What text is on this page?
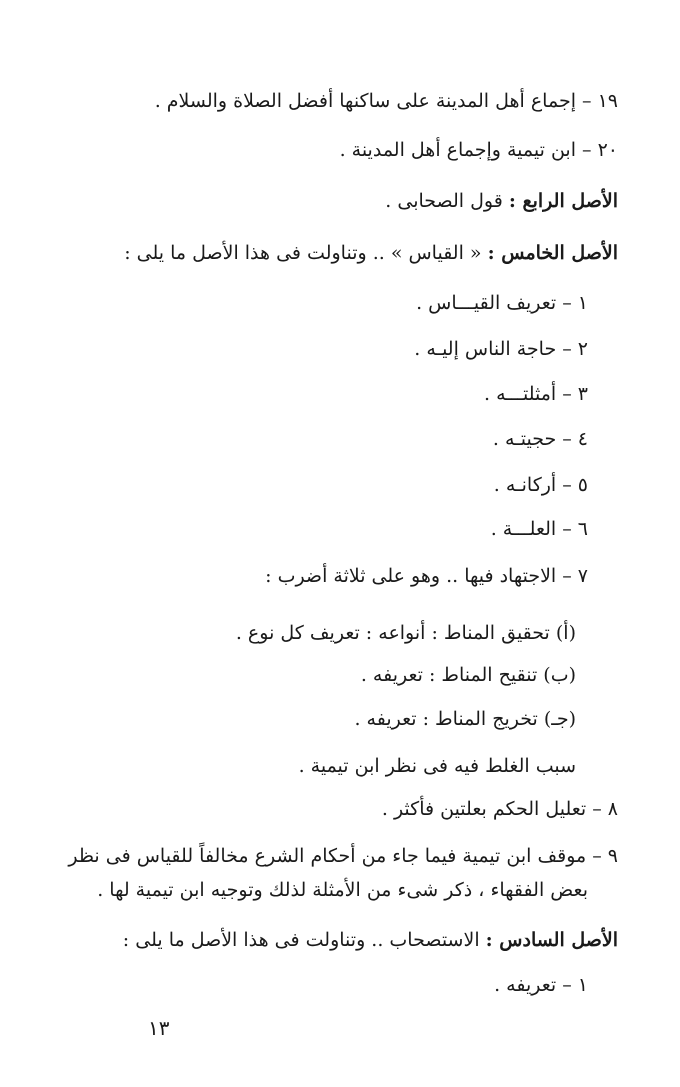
١٩ – إجماع أهل المدينة على ساكنها أفضل الصلاة والسلام .
٢٠ – ابن تيمية وإجماع أهل المدينة .
الأصل الرابع : قول الصحابى .
الأصل الخامس : « القياس » .. وتناولت فى هذا الأصل ما يلى :
١ – تعريف القيـــاس .
٢ – حاجة الناس إليـه .
٣ – أمثلتـــه .
٤ – حجيتـه .
٥ – أركانـه .
٦ – العلـــة .
٧ – الاجتهاد فيها .. وهو على ثلاثة أضرب :
(أ) تحقيق المناط : أنواعه : تعريف كل نوع .
(ب) تنقيح المناط : تعريفه .
(جـ) تخريج المناط : تعريفه .
سبب الغلط فيه فى نظر ابن تيمية .
٨ – تعليل الحكم بعلتين فأكثر .
٩ – موقف ابن تيمية فيما جاء من أحكام الشرع مخالفاً للقياس فى نظر
بعض الفقهاء ، ذكر شىء من الأمثلة لذلك وتوجيه ابن تيمية لها .
الأصل السادس : الاستصحاب .. وتناولت فى هذا الأصل ما يلى :
١ – تعريفه .
١٣
